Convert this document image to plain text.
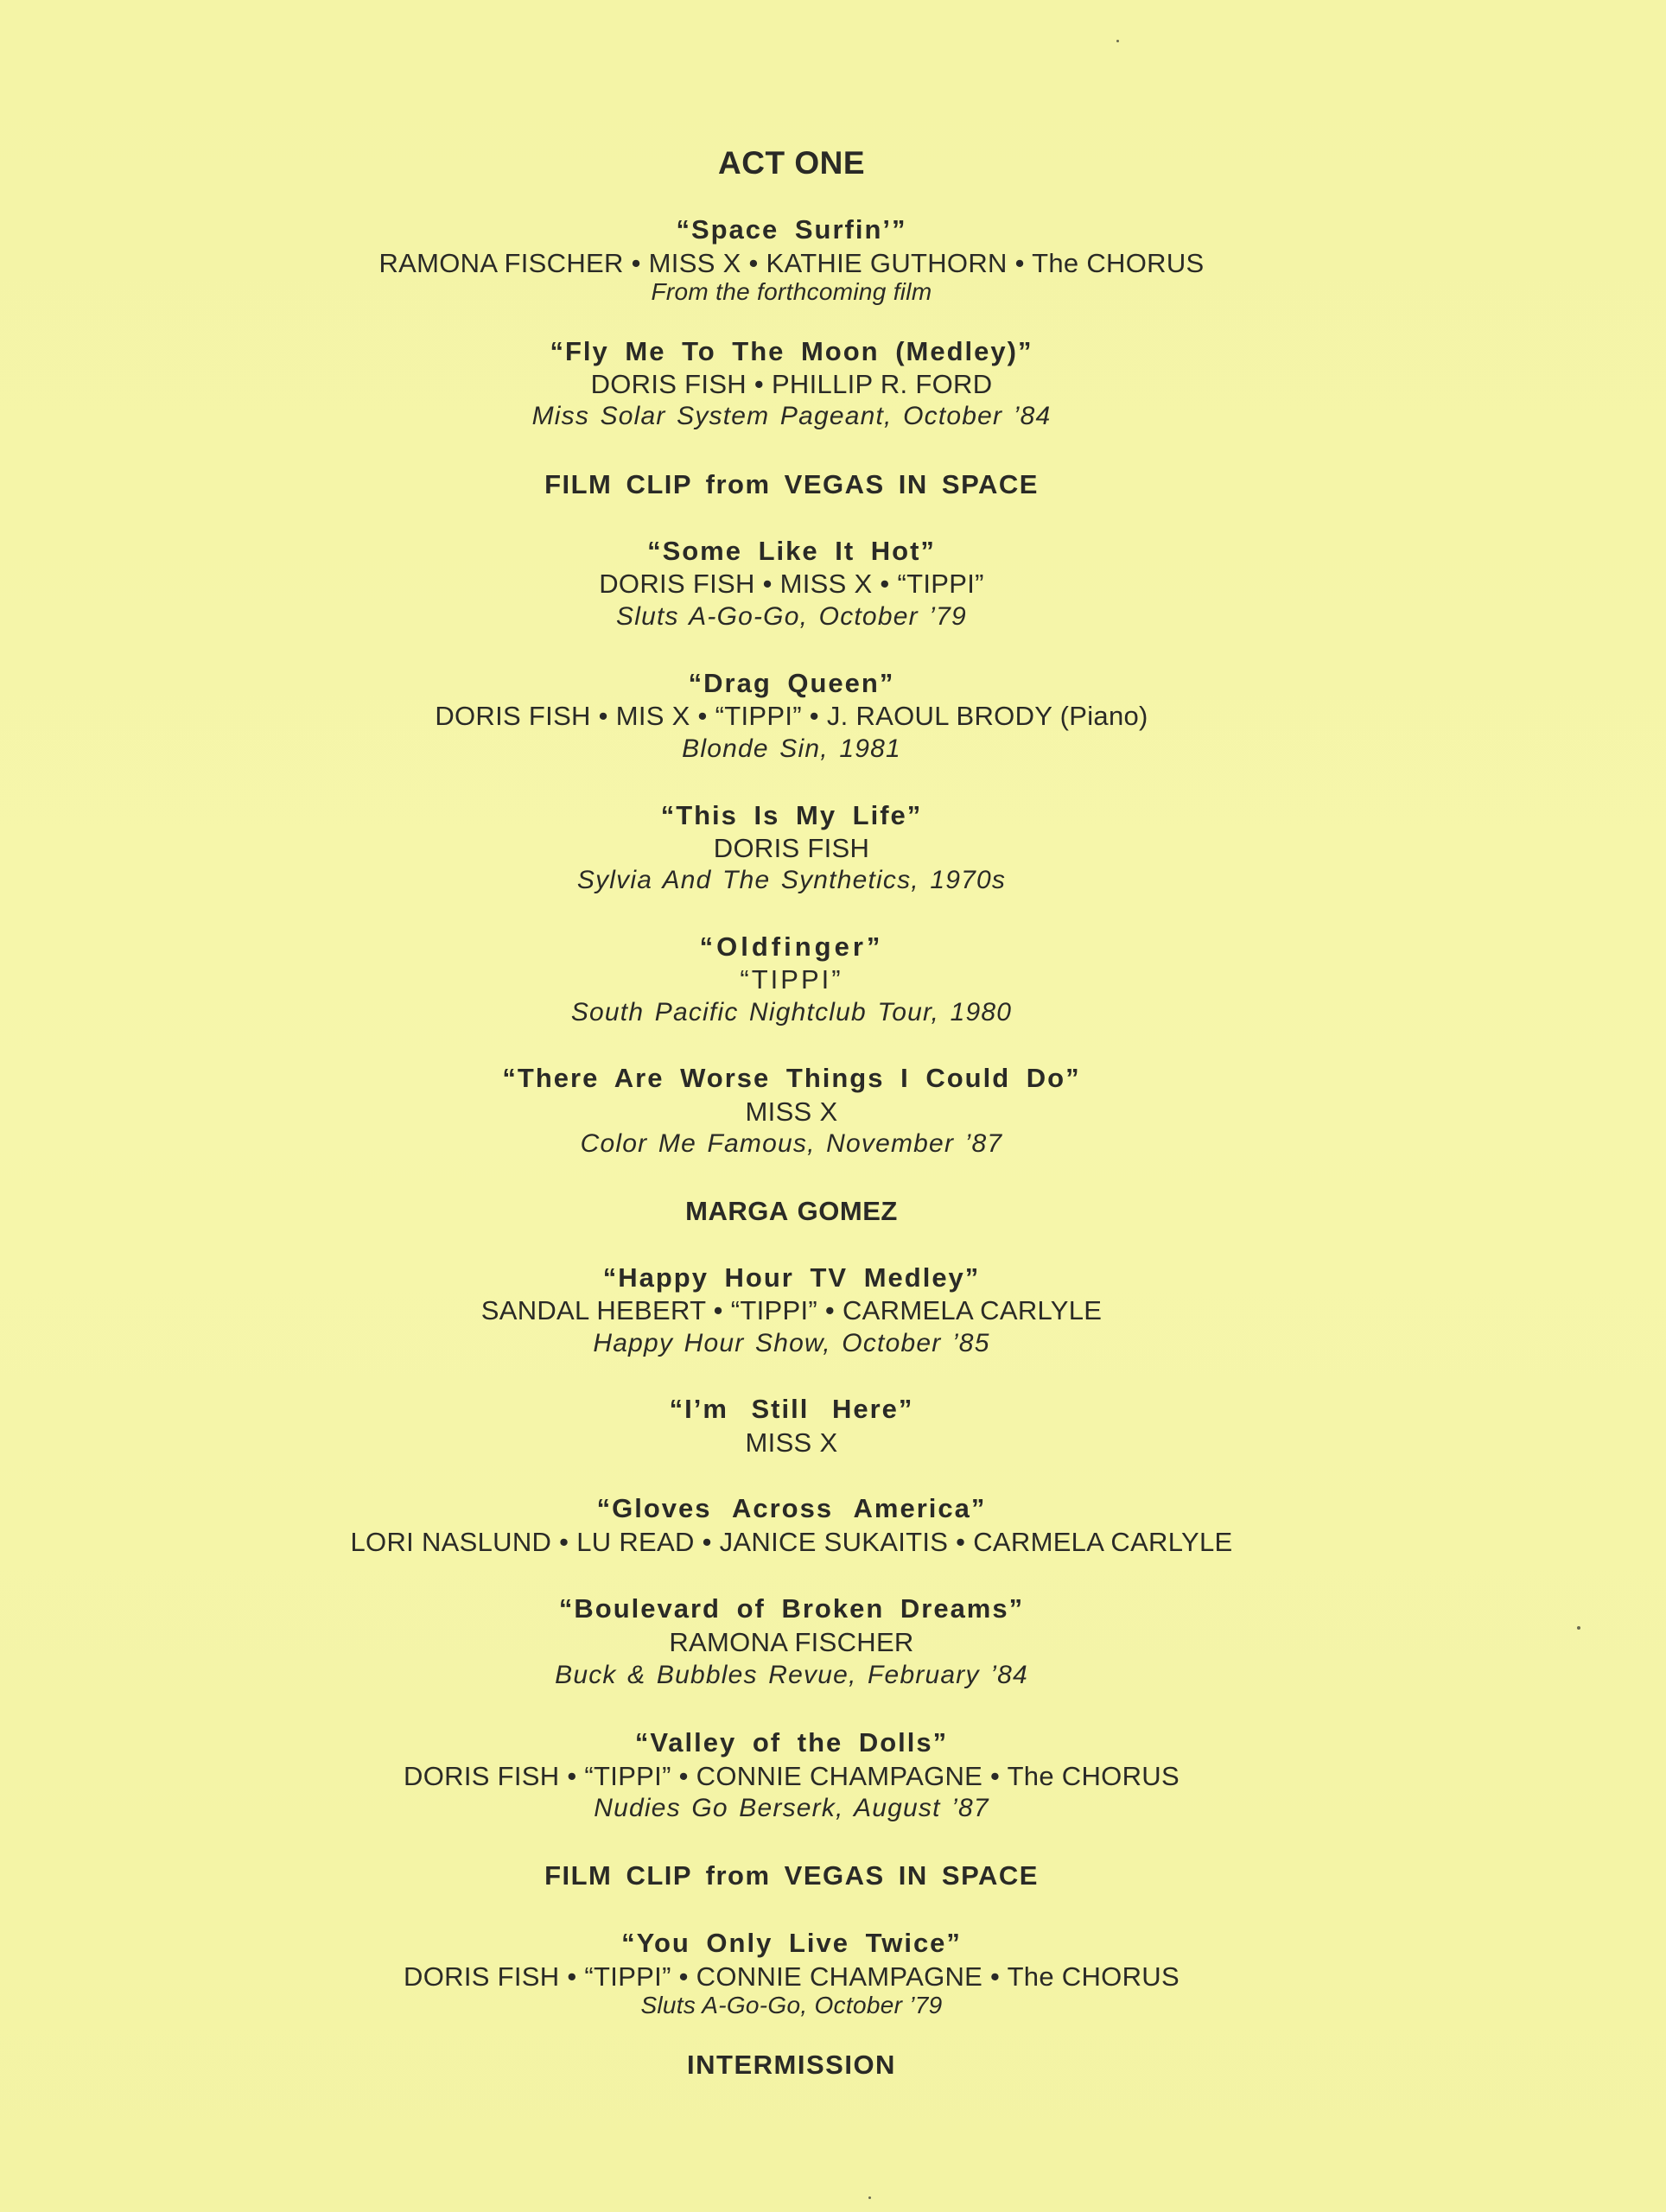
ACT ONE
“Space Surfin’”
RAMONA FISCHER • MISS X • KATHIE GUTHORN • The CHORUS
From the forthcoming film
“Fly Me To The Moon (Medley)”
DORIS FISH • PHILLIP R. FORD
Miss Solar System Pageant, October ’84
FILM CLIP from VEGAS IN SPACE
“Some Like It Hot”
DORIS FISH • MISS X • “TIPPI”
Sluts A-Go-Go, October ’79
“Drag Queen”
DORIS FISH • MIS X • “TIPPI” • J. RAOUL BRODY (Piano)
Blonde Sin, 1981
“This Is My Life”
DORIS FISH
Sylvia And The Synthetics, 1970s
“Oldfinger”
“TIPPI”
South Pacific Nightclub Tour, 1980
“There Are Worse Things I Could Do”
MISS X
Color Me Famous, November ’87
MARGA GOMEZ
“Happy Hour TV Medley”
SANDAL HEBERT • “TIPPI” • CARMELA CARLYLE
Happy Hour Show, October ’85
“I’m Still Here”
MISS X
“Gloves Across America”
LORI NASLUND • LU READ • JANICE SUKAITIS • CARMELA CARLYLE
“Boulevard of Broken Dreams”
RAMONA FISCHER
Buck & Bubbles Revue, February ’84
“Valley of the Dolls”
DORIS FISH • “TIPPI” • CONNIE CHAMPAGNE • The CHORUS
Nudies Go Berserk, August ’87
FILM CLIP from VEGAS IN SPACE
“You Only Live Twice”
DORIS FISH • “TIPPI” • CONNIE CHAMPAGNE • The CHORUS
Sluts A-Go-Go, October ’79
INTERMISSION
